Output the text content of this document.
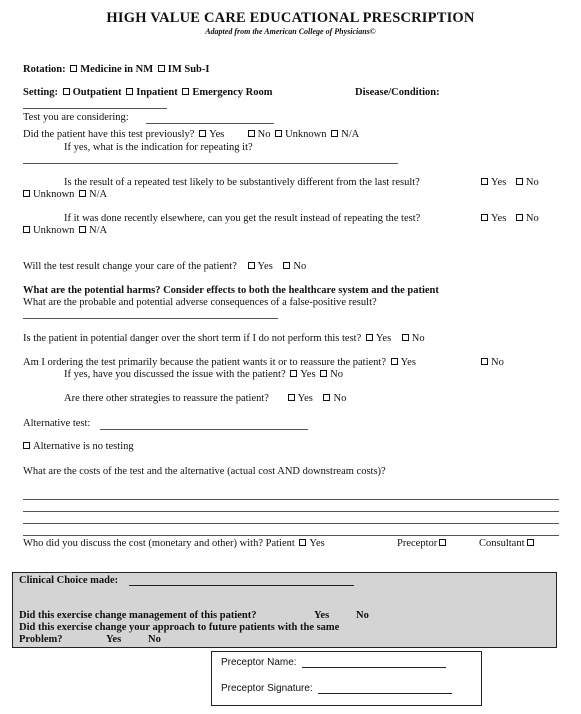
HIGH VALUE CARE EDUCATIONAL PRESCRIPTION
Adapted from the American College of Physicians©
Rotation: Medicine in NM IM Sub-I
Setting: Outpatient Inpatient Emergency Room	Disease/Condition:
Test you are considering:
Did the patient have this test previously? Yes	No Unknown N/A
If yes, what is the indication for repeating it?
Is the result of a repeated test likely to be substantively different from the last result?	Yes No
Unknown N/A
If it was done recently elsewhere, can you get the result instead of repeating the test?	Yes No
Unknown N/A
Will the test result change your care of the patient? Yes No
What are the potential harms? Consider effects to both the healthcare system and the patient
What are the probable and potential adverse consequences of a false-positive result?
Is the patient in potential danger over the short term if I do not perform this test? Yes No
Am I ordering the test primarily because the patient wants it or to reassure the patient? Yes	No
If yes, have you discussed the issue with the patient? Yes No
Are there other strategies to reassure the patient?	Yes No
Alternative test:
Alternative is no testing
What are the costs of the test and the alternative (actual cost AND downstream costs)?
Who did you discuss the cost (monetary and other) with? Patient Yes	Preceptor	Consultant
Clinical Choice made:
Did this exercise change management of this patient?	Yes	No
Did this exercise change your approach to future patients with the same
Problem?	Yes	No
Preceptor Name:
Preceptor Signature:
